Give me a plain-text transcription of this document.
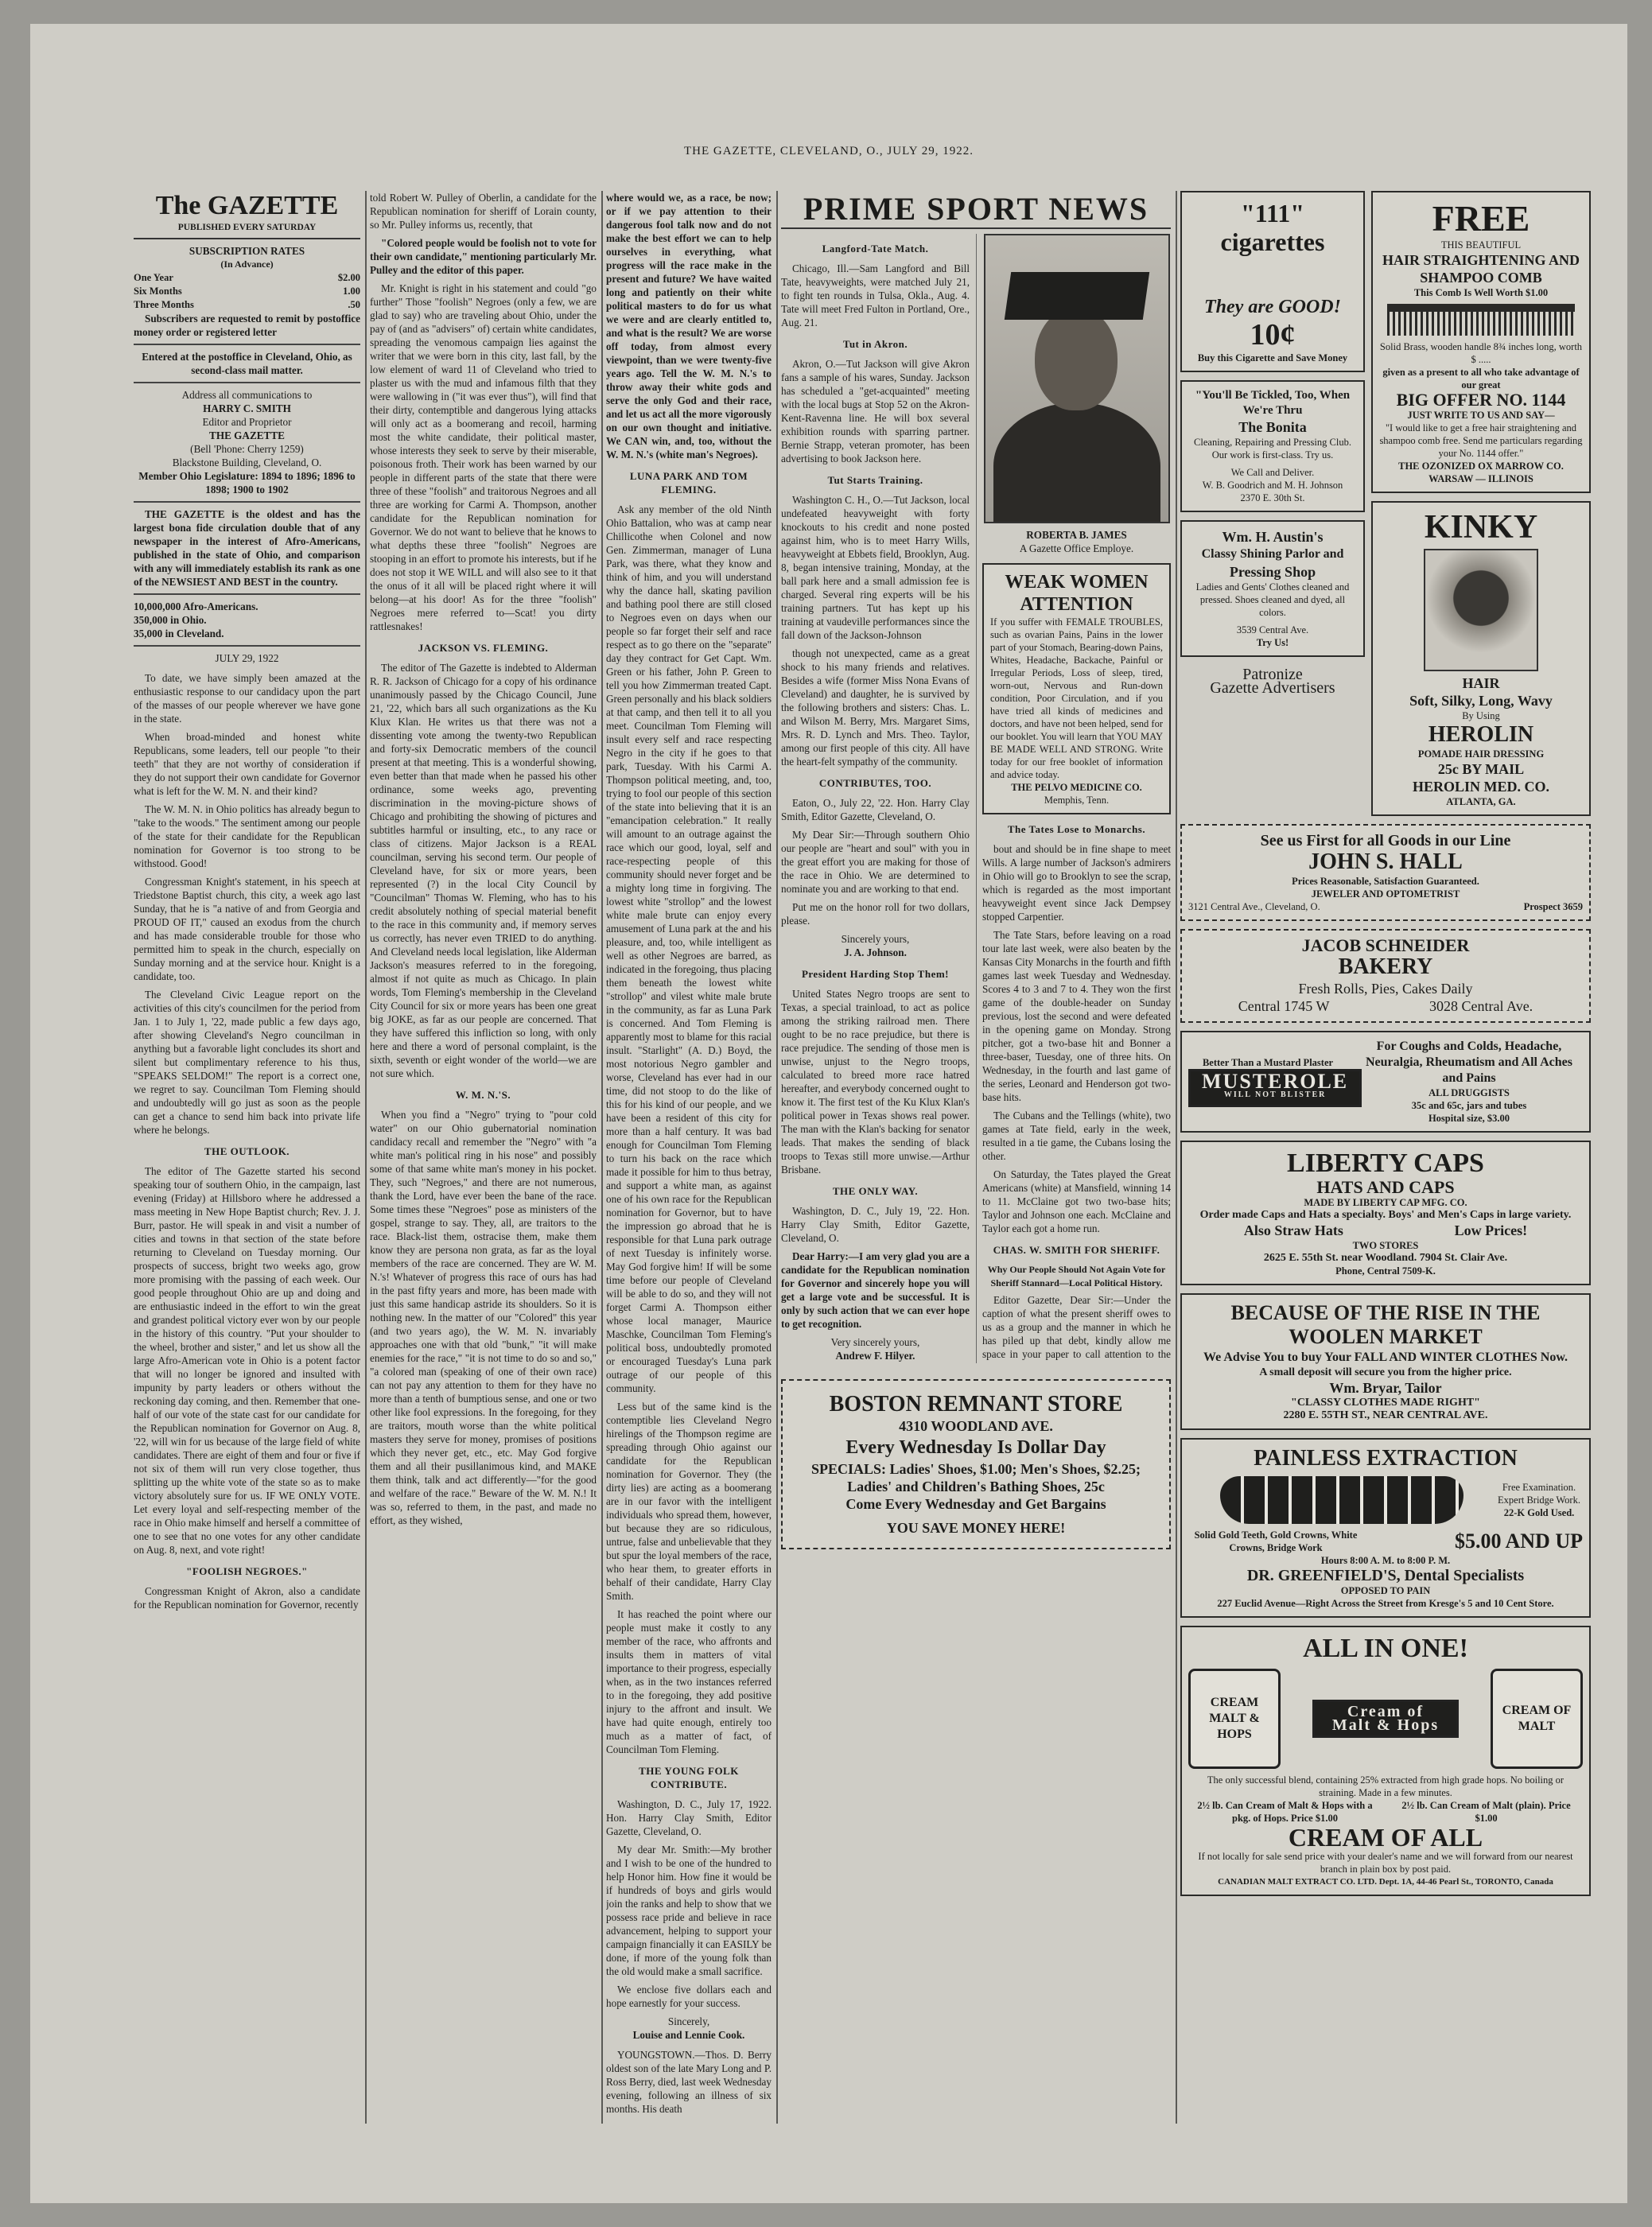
THE GAZETTE, CLEVELAND, O., JULY 29, 1922.
The GAZETTE
PUBLISHED EVERY SATURDAY
SUBSCRIPTION RATES
(In Advance)
One Year	$2.00
Six Months	1.00
Three Months	.50

Subscribers are requested to remit by postoffice money order or registered letter

Entered at the postoffice in Cleveland, Ohio, as second-class mail matter.

Address all communications to
HARRY C. SMITH
Editor and Proprietor
THE GAZETTE
(Bell 'Phone: Cherry 1259)
Blackstone Building, Cleveland, O.
Member Ohio Legislature: 1894 to 1896; 1896 to 1898; 1900 to 1902

THE GAZETTE is the oldest and has the largest bona fide circulation double that of any newspaper in the interest of Afro-Americans, published in the state of Ohio, and comparison with any will immediately establish its rank as one of the NEWSIEST AND BEST in the country.

10,000,000 Afro-Americans.
350,000 in Ohio.
35,000 in Cleveland.
JULY 29, 1922

To date, we have simply been amazed at the enthusiastic response to our candidacy upon the part of the masses of our people wherever we have gone in the state.

When broad-minded and honest white Republicans, some leaders, tell our people "to their teeth" that they are not worthy of consideration if they do not support their own candidate for Governor what is left for the W. M. N. and their kind?

The W. M. N. in Ohio politics has already begun to "take to the woods." The sentiment among our people of the state for their candidate for the Republican nomination for Governor is too strong to be withstood. Good!

Congressman Knight's statement, in his speech at Triedstone Baptist church, this city, a week ago last Sunday, that he is "a native of and from Georgia and PROUD OF IT," caused an exodus from the church and has made considerable trouble for those who permitted him to speak in the church, especially on Sunday morning and at the service hour. Knight is a candidate, too.

The Cleveland Civic League report on the activities of this city's councilmen for the period from Jan. 1 to July 1, '22, made public a few days ago, after showing Cleveland's Negro councilman in anything but a favorable light concludes its short and silent but complimentary reference to his thus, "SPEAKS SELDOM!" The report is a correct one, we regret to say. Councilman Tom Fleming should and undoubtedly will go just as soon as the people can get a chance to send him back into private life where he belongs.

THE OUTLOOK.

The editor of The Gazette started his second speaking tour of southern Ohio, in the campaign, last evening (Friday) at Hillsboro where he addressed a mass meeting in New Hope Baptist church; Rev. J. J. Burr, pastor. He will speak in and visit a number of cities and towns in that section of the state before returning to Cleveland on Tuesday morning. Our prospects of success, bright two weeks ago, grow more promising with the passing of each week. Our good people throughout Ohio are up and doing and are enthusiastic indeed in the effort to win the great and grandest political victory ever won by our people in the history of this country. "Put your shoulder to the wheel, brother and sister," and let us show all the large Afro-American vote in Ohio is a potent factor that will no longer be ignored and insulted with impunity by party leaders or others without the reckoning day coming, and then. Remember that one-half of our vote of the state cast for our candidate for the Republican nomination for Governor on Aug. 8, '22, will win for us because of the large field of white candidates. There are eight of them and four or five if not six of them will run very close together, thus splitting up the white vote of the state so as to make victory absolutely sure for us. IF WE ONLY VOTE. Let every loyal and self-respecting member of the race in Ohio make himself and herself a committee of one to see that no one votes for any other candidate on Aug. 8, next, and vote right!

"FOOLISH NEGROES."

Congressman Knight of Akron, also a candidate for the Republican nomination for Governor, recently

told Robert W. Pulley of Oberlin, a candidate for the Republican nomination for sheriff of Lorain county, so Mr. Pulley informs us, recently, that

"Colored people would be foolish not to vote for their own candidate," mentioning particularly Mr. Pulley and the editor of this paper.

Mr. Knight is right in his statement and could "go further" Those "foolish" Negroes (only a few, we are glad to say) who are traveling about Ohio, under the pay of (and as "advisers" of) certain white candidates, spreading the venomous campaign lies against the writer that we were born in this city, last fall, by the low element of ward 11 of Cleveland who tried to plaster us with the mud and infamous filth that they were wallowing in ("it was ever thus"), will find that their dirty, contemptible and dangerous lying attacks will only act as a boomerang and recoil, harming most the white candidate, their political master, whose interests they seek to serve by their miserable, poisonous froth. Their work has been warned by our people in different parts of the state that there were three of these "foolish" and traitorous Negroes and all three are working for Carmi A. Thompson, another candidate for the Republican nomination for Governor. We do not want to believe that he knows to what depths these three "foolish" Negroes are stooping in an effort to promote his interests, but if he does not stop it WE WILL and will also see to it that the onus of it all will be placed right where it will belong—at his door! As for the three "foolish" Negroes mere referred to—Scat! you dirty rattlesnakes!

JACKSON VS. FLEMING.

The editor of The Gazette is indebted to Alderman R. R. Jackson of Chicago for a copy of his ordinance unanimously passed by the Chicago Council, June 21, '22, which bars all such organizations as the Ku Klux Klan. He writes us that there was not a dissenting vote among the twenty-two Republican and forty-six Democratic members of the council present at that meeting. This is a wonderful showing, even better than that made when he passed his other ordinance, some weeks ago, preventing discrimination in the moving-picture shows of Chicago and prohibiting the showing of pictures and subtitles harmful or insulting, etc., to any race or class of citizens. Major Jackson is a REAL councilman, serving his second term. Our people of Cleveland have, for six or more years, been represented (?) in the local City Council by "Councilman" Thomas W. Fleming, who has to his credit absolutely nothing of special material benefit to the race in this community and, if memory serves us correctly, has never even TRIED to do anything. And Cleveland needs local legislation, like Alderman Jackson's measures referred to in the foregoing, almost if not quite as much as Chicago. In plain words, Tom Fleming's membership in the Cleveland City Council for six or more years has been one great big JOKE, as far as our people are concerned. That they have suffered this infliction so long, with only here and there a word of personal complaint, is the sixth, seventh or eight wonder of the world—we are not sure which.

W. M. N.'S.

When you find a "Negro" trying to "pour cold water" on our Ohio gubernatorial nomination candidacy recall and remember the "Negro" with "a white man's political ring in his nose" and possibly some of that same white man's money in his pocket. They, such "Negroes," and there are not numerous, thank the Lord, have ever been the bane of the race. Some times these "Negroes" pose as ministers of the gospel, strange to say. They, all, are traitors to the race. Black-list them, ostracise them, make them know they are persona non grata, as far as the loyal members of the race are concerned. They are W. M. N.'s! Whatever of progress this race of ours has had in the past fifty years and more, has been made with just this same handicap astride its shoulders. So it is nothing new. In the matter of our "Colored" this year (and two years ago), the W. M. N. invariably approaches one with that old "bunk," "it will make enemies for the race," "it is not time to do so and so," "a colored man (speaking of one of their own race) can not pay any attention to them for they have no more than a tenth of bumptious sense, and one or two other like fool expressions. In the foregoing, for they are traitors, mouth worse than the white political masters they serve for money, promises of positions which they never get, etc., etc. May God forgive them and all their pusillanimous kind, and MAKE them think, talk and act differently—"for the good and welfare of the race." Beware of the W. M. N.! It was so, referred to them, in the past, and made no effort, as they wished,

where would we, as a race, be now; or if we pay attention to their dangerous fool talk now and do not make the best effort we can to help ourselves in everything, what progress will the race make in the present and future? We have waited long and patiently on their white political masters to do for us what we were and are clearly entitled to, and what is the result? We are worse off today, from almost every viewpoint, than we were twenty-five years ago. Tell the W. M. N.'s to throw away their white gods and serve the only God and their race, and let us act all the more vigorously on our own thought and initiative. We CAN win, and, too, without the W. M. N.'s (white man's Negroes).

LUNA PARK AND TOM FLEMING.

Ask any member of the old Ninth Ohio Battalion, who was at camp near Chillicothe when Colonel and now Gen. Zimmerman, manager of Luna Park, was there, what they know and think of him, and you will understand why the dance hall, skating pavilion and bathing pool there are still closed to Negroes even on days when our people so far forget their self and race respect as to go there on the "separate" day they contract for Get Capt. Wm. Green or his father, John P. Green to tell you how Zimmerman treated Capt. Green personally and his black soldiers at that camp, and then tell it to all you meet. Councilman Tom Fleming will insult every self and race respecting Negro in the city if he goes to that park, Tuesday. With his Carmi A. Thompson political meeting, and, too, trying to fool our people of this section of the state into believing that it is an "emancipation celebration." It really will amount to an outrage against the race which our good, loyal, self and race-respecting people of this community should never forget and be a mighty long time in forgiving. The lowest white "strollop" and the lowest white male brute can enjoy every amusement of Luna park at the and his pleasure, and, too, while intelligent as well as other Negroes are barred, as indicated in the foregoing, thus placing them beneath the lowest white "strollop" and vilest white male brute in the community, as far as Luna Park is concerned. And Tom Fleming is apparently most to blame for this racial insult. "Starlight" (A. D.) Boyd, the most notorious Negro gambler and worse, Cleveland has ever had in our time, did not stoop to do the like of this for his kind of our people, and we have been a resident of this city for more than a half century. It was bad enough for Councilman Tom Fleming to turn his back on the race which made it possible for him to thus betray, and support a white man, as against one of his own race for the Republican nomination for Governor, but to have the impression go abroad that he is responsible for that Luna park outrage of next Tuesday is infinitely worse. May God forgive him! If will be some time before our people of Cleveland will be able to do so, and they will not forget Carmi A. Thompson either whose local manager, Maurice Maschke, Councilman Tom Fleming's political boss, undoubtedly promoted or encouraged Tuesday's Luna park outrage of our people of this community.

Less but of the same kind is the contemptible lies Cleveland Negro hirelings of the Thompson regime are spreading through Ohio against our candidate for the Republican nomination for Governor. They (the dirty lies) are acting as a boomerang are in our favor with the intelligent individuals who spread them, however, but because they are so ridiculous, untrue, false and unbelievable that they but spur the loyal members of the race, who hear them, to greater efforts in behalf of their candidate, Harry Clay Smith.

It has reached the point where our people must make it costly to any member of the race, who affronts and insults them in matters of vital importance to their progress, especially when, as in the two instances referred to in the foregoing, they add positive injury to the affront and insult. We have had quite enough, entirely too much as a matter of fact, of Councilman Tom Fleming.

THE YOUNG FOLK CONTRIBUTE.

Washington, D. C., July 17, 1922. Hon. Harry Clay Smith, Editor Gazette, Cleveland, O.

My dear Mr. Smith:—My brother and I wish to be one of the hundred to help Honor him. How fine it would be if hundreds of boys and girls would join the ranks and help to show that we possess race pride and believe in race advancement, helping to support your campaign financially it can EASILY be done, if more of the young folk than the old would make a small sacrifice.

We enclose five dollars each and hope earnestly for your success.

Sincerely,
Louise and Lennie Cook.

YOUNGSTOWN.—Thos. D. Berry oldest son of the late Mary Long and P. Ross Berry, died, last week Wednesday evening, following an illness of six months. His death

PRIME SPORT NEWS
Langford-Tate Match.

Chicago, Ill.—Sam Langford and Bill Tate, heavyweights, were matched July 21, to fight ten rounds in Tulsa, Okla., Aug. 4. Tate will meet Fred Fulton in Portland, Ore., Aug. 21.

Tut in Akron.

Akron, O.—Tut Jackson will give Akron fans a sample of his wares, Sunday. Jackson has scheduled a "get-acquainted" meeting with the local bugs at Stop 52 on the Akron-Kent-Ravenna line. He will box several exhibition rounds with sparring partner. Bernie Strapp, veteran promoter, has been advertising to book Jackson here.

Tut Starts Training.

Washington C. H., O.—Tut Jackson, local undefeated heavyweight with forty knockouts to his credit and none posted against him, who is to meet Harry Wills, heavyweight at Ebbets field, Brooklyn, Aug. 8, began intensive training, Monday, at the ball park here and a small admission fee is charged. Several ring experts will be his training partners. Tut has kept up his training at vaudeville performances since the fall down of the Jackson-Johnson

though not unexpected, came as a great shock to his many friends and relatives. Besides a wife (former Miss Nona Evans of Cleveland) and daughter, he is survived by the following brothers and sisters: Chas. L. and Wilson M. Berry, Mrs. Margaret Sims, Mrs. R. D. Lynch and Mrs. Theo. Taylor, among our first people of this city. All have the heart-felt sympathy of the community.

CONTRIBUTES, TOO.

Eaton, O., July 22, '22. Hon. Harry Clay Smith, Editor Gazette, Cleveland, O.

My Dear Sir:—Through southern Ohio our people are "heart and soul" with you in the great effort you are making for those of the race in Ohio. We are determined to nominate you and are working to that end.

Put me on the honor roll for two dollars, please.

Sincerely yours,
J. A. Johnson.
President Harding Stop Them!

United States Negro troops are sent to Texas, a special trainload, to act as police among the striking railroad men. There ought to be no race prejudice, but there is race prejudice. The sending of those men is unwise, unjust to the Negro troops, calculated to breed more race hatred hereafter, and everybody concerned ought to know it. The first test of the Ku Klux Klan's political power in Texas shows real power. The man with the Klan's backing for senator leads. That makes the sending of black troops to Texas still more unwise.—Arthur Brisbane.

THE ONLY WAY.

Washington, D. C., July 19, '22. Hon. Harry Clay Smith, Editor Gazette, Cleveland, O.

Dear Harry:—I am very glad you are a candidate for the Republican nomination for Governor and sincerely hope you will get a large vote and be successful. It is only by such action that we can ever hope to get recognition.

Very sincerely yours,
Andrew F. Hilyer.
ROBERTA B. JAMES
A Gazette Office Employe.
WEAK WOMEN ATTENTION
If you suffer with FEMALE TROUBLES, such as ovarian Pains, Pains in the lower part of your Stomach, Bearing-down Pains, Whites, Headache, Backache, Painful or Irregular Periods, Loss of sleep, tired, worn-out, Nervous and Run-down condition, Poor Circulation, and if you have tried all kinds of medicines and doctors, and have not been helped, send for our booklet. You will learn that YOU MAY BE MADE WELL AND STRONG. Write today for our free booklet of information and advice today.
THE PELVO MEDICINE CO.
Memphis, Tenn.
The Tates Lose to Monarchs.

bout and should be in fine shape to meet Wills. A large number of Jackson's admirers in Ohio will go to Brooklyn to see the scrap, which is regarded as the most important heavyweight event since Jack Dempsey stopped Carpentier.

The Tate Stars, before leaving on a road tour late last week, were also beaten by the Kansas City Monarchs in the fourth and fifth games last week Tuesday and Wednesday. Scores 4 to 3 and 7 to 4. They won the first game of the double-header on Sunday previous, lost the second and were defeated in the opening game on Monday. Strong pitcher, got a two-base hit and Bonner a three-baser, Tuesday, one of three hits. On Wednesday, in the fourth and last game of the series, Leonard and Henderson got two-base hits.

The Cubans and the Tellings (white), two games at Tate field, early in the week, resulted in a tie game, the Cubans losing the other.

On Saturday, the Tates played the Great Americans (white) at Mansfield, winning 14 to 11. McClaine got two two-base hits; Taylor and Johnson one each. McClaine and Taylor each got a home run.

CHAS. W. SMITH FOR SHERIFF.
Why Our People Should Not Again Vote for Sheriff Stannard—Local Political History.

Editor Gazette, Dear Sir:—Under the caption of what the present sheriff owes to us as a group and the manner in which he has piled up that debt, kindly allow me space in your paper to call attention to the

BOSTON REMNANT STORE
4310 WOODLAND AVE.
Every Wednesday Is Dollar Day
SPECIALS: Ladies' Shoes, $1.00; Men's Shoes, $2.25;
Ladies' and Children's Bathing Shoes, 25c
Come Every Wednesday and Get Bargains
YOU SAVE MONEY HERE!
"111" cigarettes
They are GOOD!
10¢
Buy this Cigarette and Save Money
"You'll Be Tickled, Too, When We're Thru
The Bonita
Cleaning, Repairing and Pressing Club. Our work is first-class. Try us.
We Call and Deliver.
W. B. Goodrich and M. H. Johnson
2370 E. 30th St.
Wm. H. Austin's
Classy Shining Parlor and
Pressing Shop
Ladies and Gents' Clothes cleaned and pressed. Shoes cleaned and dyed, all colors.
3539 Central Ave.
Try Us!
Patronize
Gazette Advertisers
FREE
THIS BEAUTIFUL
HAIR STRAIGHTENING AND SHAMPOO COMB
This Comb Is Well Worth $1.00
Solid Brass, wooden handle 8¾ inches long, worth $ .....
given as a present to all who take advantage of our great
BIG OFFER NO. 1144
JUST WRITE TO US AND SAY—
"I would like to get a free hair straightening and shampoo comb free. Send me particulars regarding your No. 1144 offer."
THE OZONIZED OX MARROW CO.
WARSAW — ILLINOIS
KINKY
HAIR
Soft, Silky, Long, Wavy
By Using
HEROLIN
POMADE HAIR DRESSING
25c BY MAIL
HEROLIN MED. CO.
ATLANTA, GA.
See us First for all Goods in our Line
JOHN S. HALL
Prices Reasonable, Satisfaction Guaranteed.
JEWELER AND OPTOMETRIST
3121 Central Ave., Cleveland, O.	Prospect 3659
JACOB SCHNEIDER
BAKERY
Fresh Rolls, Pies, Cakes Daily
Central 1745 W	3028 Central Ave.
Better Than a Mustard Plaster
MUSTEROLE
WILL NOT BLISTER
For Coughs and Colds, Headache, Neuralgia, Rheumatism and All Aches and Pains
ALL DRUGGISTS
35c and 65c, jars and tubes
Hospital size, $3.00
LIBERTY CAPS
HATS AND CAPS
MADE BY LIBERTY CAP MFG. CO.
Order made Caps and Hats a specialty. Boys' and Men's Caps in large variety.
Also Straw Hats	Low Prices!
TWO STORES
2625 E. 55th St. near Woodland. 7904 St. Clair Ave.
Phone, Central 7509-K.
BECAUSE OF THE RISE IN THE WOOLEN MARKET
We Advise You to buy Your FALL AND WINTER CLOTHES Now.
A small deposit will secure you from the higher price.
Wm. Bryar, Tailor
"CLASSY CLOTHES MADE RIGHT"
2280 E. 55TH ST., NEAR CENTRAL AVE.
PAINLESS EXTRACTION
Free Examination. Expert Bridge Work.
22-K Gold Used.
Solid Gold Teeth, Gold Crowns, White Crowns, Bridge Work	$5.00 AND UP
Hours 8:00 A. M. to 8:00 P. M.
DR. GREENFIELD'S, Dental Specialists
OPPOSED TO PAIN
227 Euclid Avenue—Right Across the Street from Kresge's 5 and 10 Cent Store.
ALL IN ONE!
CREAM MALT & HOPS
Cream of Malt & Hops
CREAM OF MALT
The only successful blend, containing 25% extracted from high grade hops. No boiling or straining. Made in a few minutes.
2½ lb. Can Cream of Malt & Hops with a pkg. of Hops. Price $1.00
2½ lb. Can Cream of Malt (plain). Price $1.00
CREAM OF ALL
If not locally for sale send price with your dealer's name and we will forward from our nearest branch in plain box by post paid.
CANADIAN MALT EXTRACT CO. LTD. Dept. 1A, 44-46 Pearl St., TORONTO, Canada
